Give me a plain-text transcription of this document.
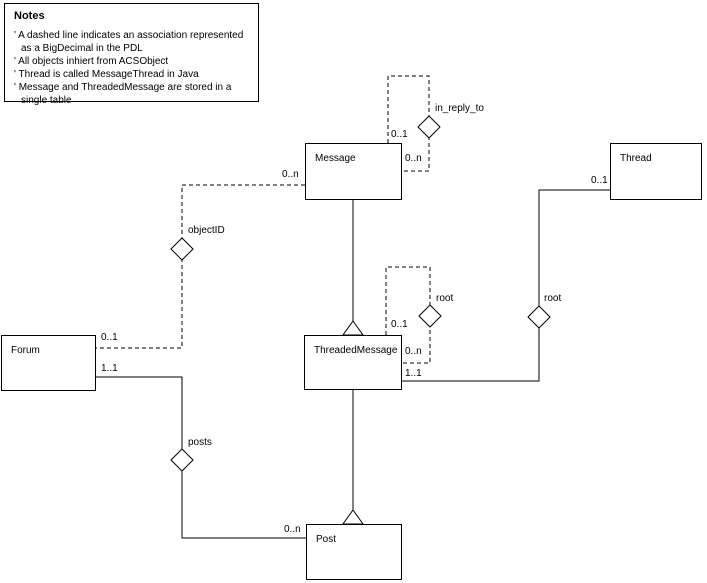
Notes
' A dashed line indicates an association represented as a BigDecimal in the PDL
' All objects inhiert from ACSObject
' Thread is called MessageThread in Java
' Message and ThreadedMessage are stored in a single table
Message	Thread
Forum	ThreadedMessage
Post
in_reply_to
objectID
root	root
posts
0..1
0..n
0..n
0..1
1..1
0..n
0..1
0..n
1..1
0..1
